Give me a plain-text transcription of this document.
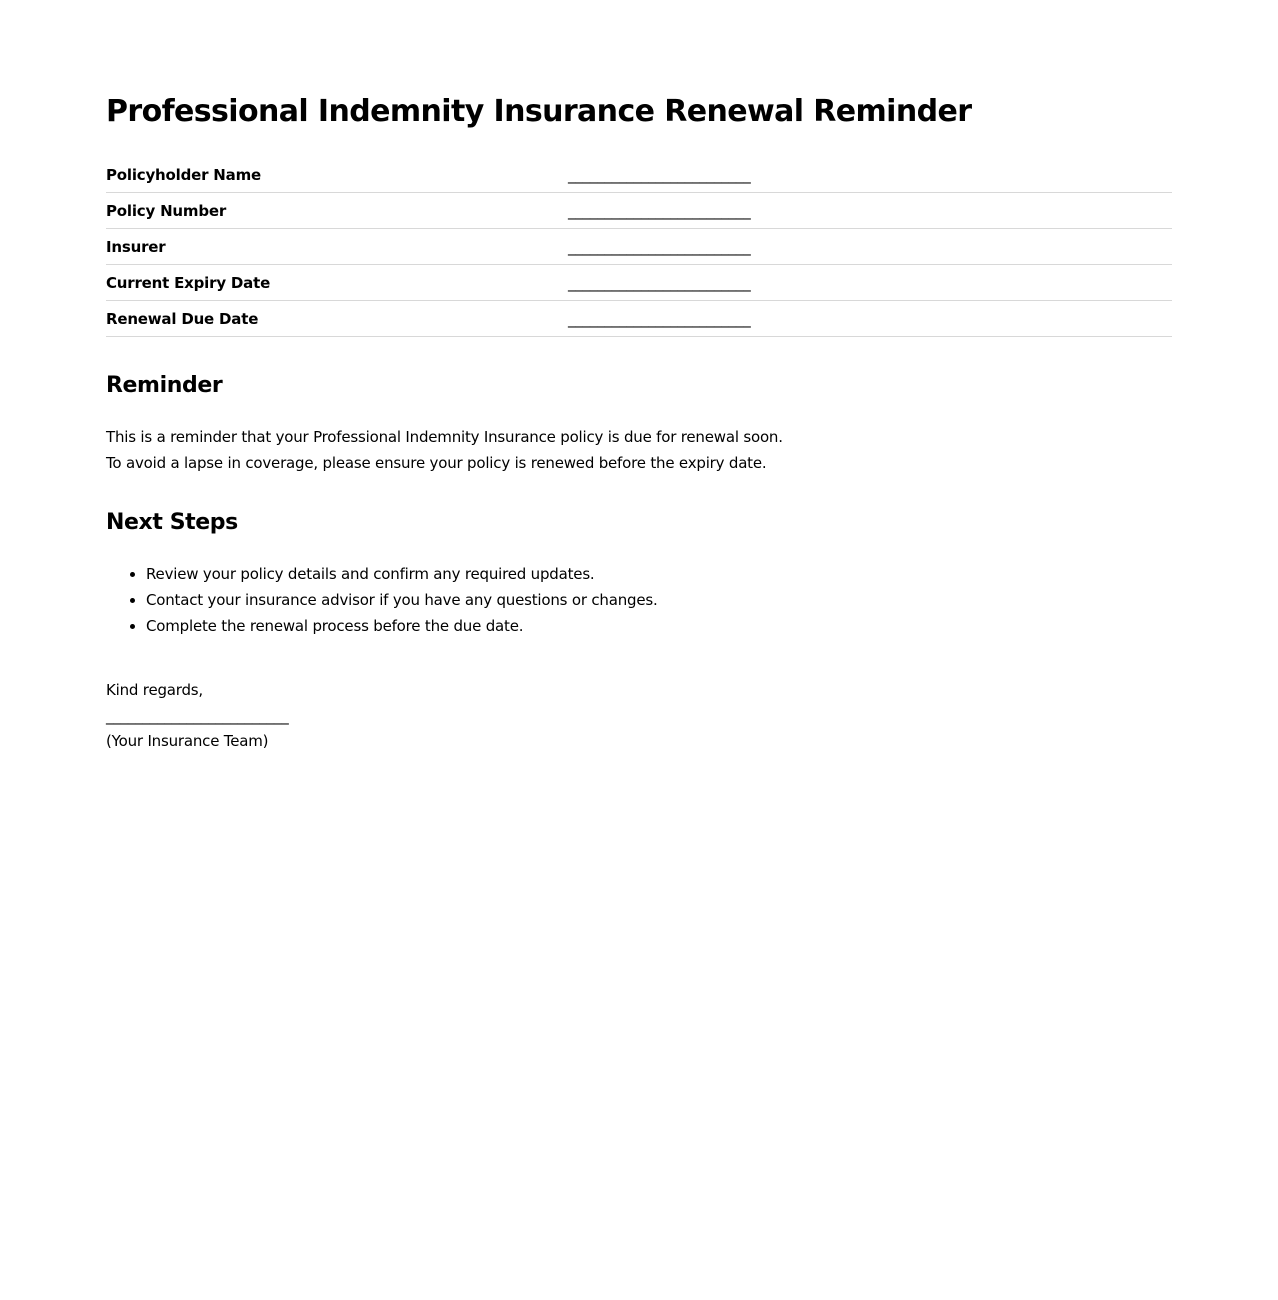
Professional Indemnity Insurance Renewal Reminder
Policyholder Name	_________________________
Policy Number	_________________________
Insurer	_________________________
Current Expiry Date	_________________________
Renewal Due Date	_________________________
Reminder

This is a reminder that your Professional Indemnity Insurance policy is due for renewal soon.
To avoid a lapse in coverage, please ensure your policy is renewed before the expiry date.

Next Steps
• Review your policy details and confirm any required updates.
• Contact your insurance advisor if you have any questions or changes.
• Complete the renewal process before the due date.
Kind regards,
_________________________
(Your Insurance Team)
